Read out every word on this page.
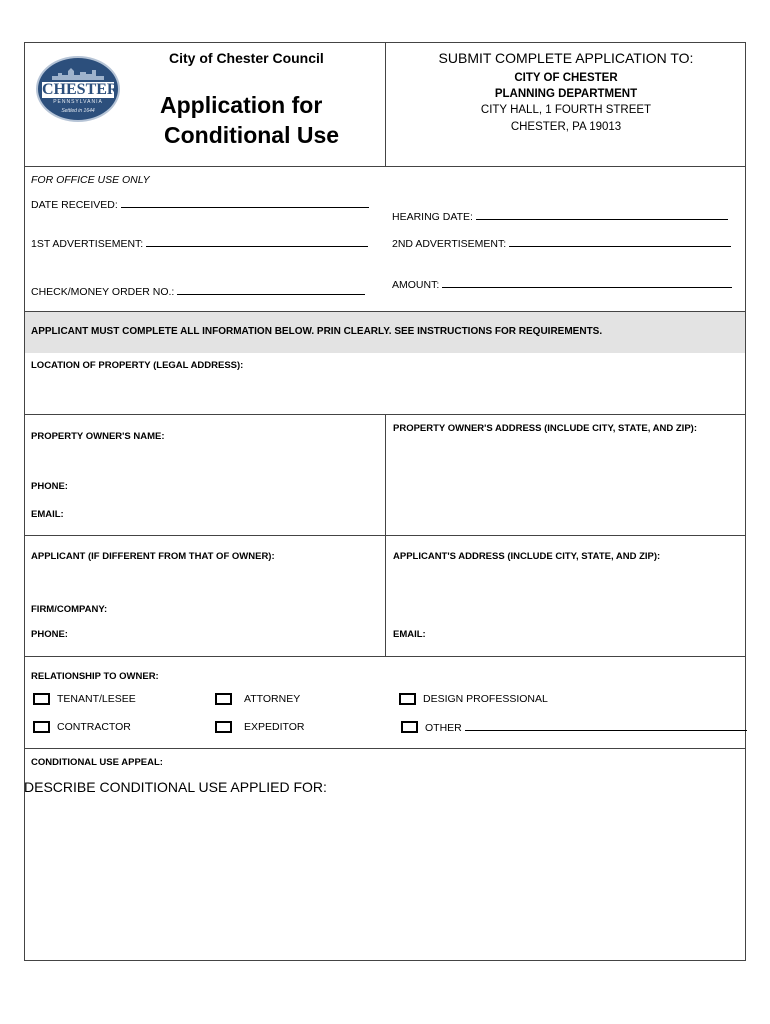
CHESTER
PENNSYLVANIA
Settled in 1644
City of Chester Council
Application for
Conditional Use
SUBMIT COMPLETE APPLICATION TO:
CITY OF CHESTER
PLANNING DEPARTMENT
CITY HALL, 1 FOURTH STREET
CHESTER, PA 19013
FOR OFFICE USE ONLY
DATE RECEIVED:
HEARING DATE:
1ST ADVERTISEMENT:	2ND ADVERTISEMENT:
AMOUNT:
CHECK/MONEY ORDER NO.:
APPLICANT MUST COMPLETE ALL INFORMATION BELOW. PRIN CLEARLY. SEE INSTRUCTIONS FOR REQUIREMENTS.
LOCATION OF PROPERTY (LEGAL ADDRESS):
PROPERTY OWNER'S NAME:
PROPERTY OWNER'S ADDRESS (INCLUDE CITY, STATE, AND ZIP):
PHONE:
EMAIL:
APPLICANT (IF DIFFERENT FROM THAT OF OWNER):	APPLICANT'S ADDRESS (INCLUDE CITY, STATE, AND ZIP):
FIRM/COMPANY:
PHONE:	EMAIL:
RELATIONSHIP TO OWNER:
TENANT/LESEE	ATTORNEY	DESIGN PROFESSIONAL
CONTRACTOR	EXPEDITOR	OTHER
CONDITIONAL USE APPEAL:
DESCRIBE CONDITIONAL USE APPLIED FOR:
